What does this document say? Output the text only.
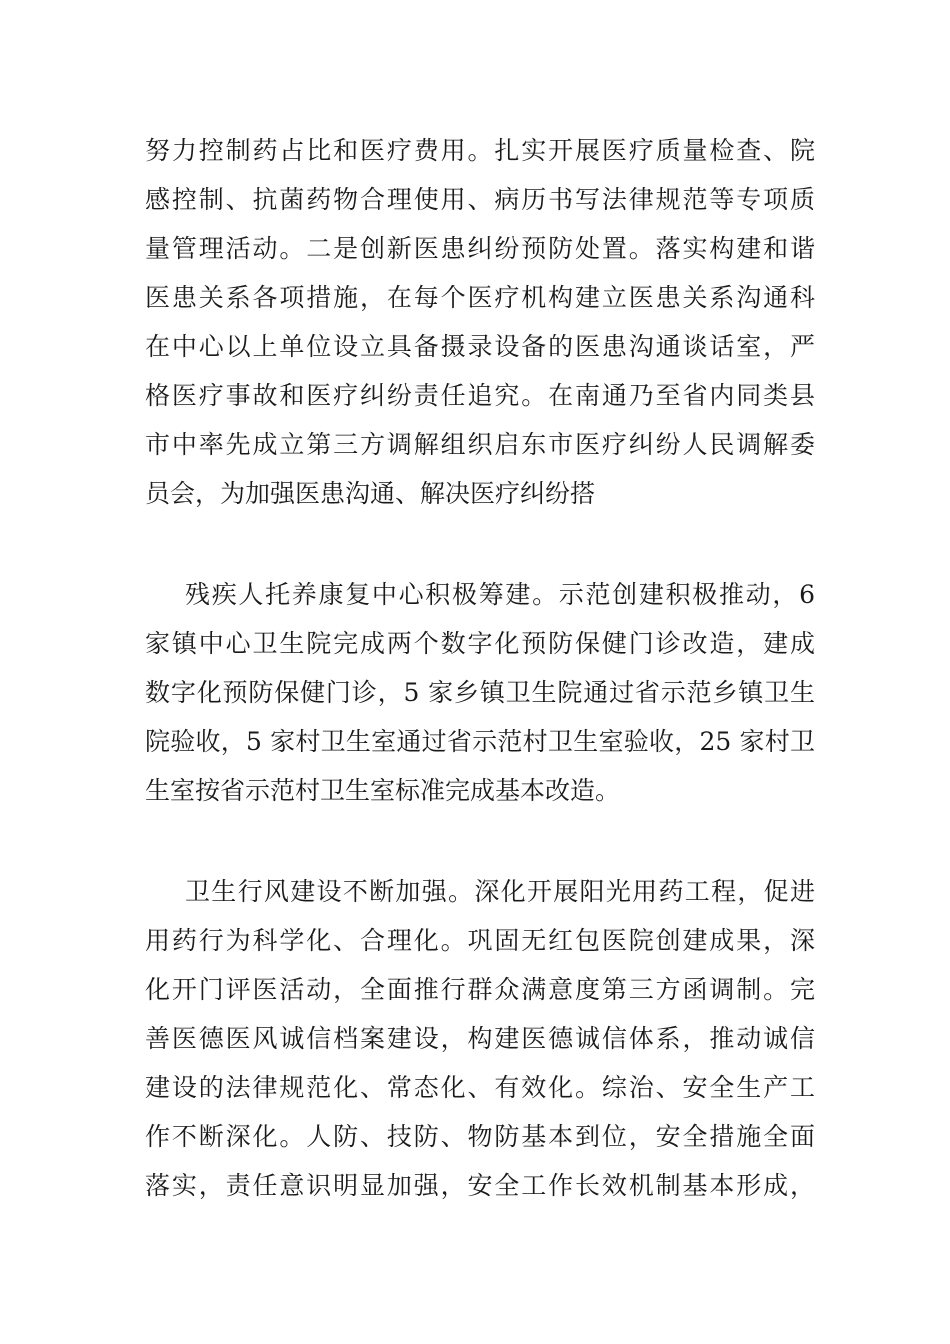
努力控制药占比和医疗费用。扎实开展医疗质量检查、院
感控制、抗菌药物合理使用、病历书写法律规范等专项质
量管理活动。二是创新医患纠纷预防处置。落实构建和谐
医患关系各项措施，在每个医疗机构建立医患关系沟通科
在中心以上单位设立具备摄录设备的医患沟通谈话室，严
格医疗事故和医疗纠纷责任追究。在南通乃至省内同类县
市中率先成立第三方调解组织启东市医疗纠纷人民调解委
员会，为加强医患沟通、解决医疗纠纷搭
残疾人托养康复中心积极筹建。示范创建积极推动，6
家镇中心卫生院完成两个数字化预防保健门诊改造，建成
数字化预防保健门诊，5 家乡镇卫生院通过省示范乡镇卫生
院验收，5 家村卫生室通过省示范村卫生室验收，25 家村卫
生室按省示范村卫生室标准完成基本改造。
卫生行风建设不断加强。深化开展阳光用药工程，促进
用药行为科学化、合理化。巩固无红包医院创建成果，深
化开门评医活动，全面推行群众满意度第三方函调制。完
善医德医风诚信档案建设，构建医德诚信体系，推动诚信
建设的法律规范化、常态化、有效化。综治、安全生产工
作不断深化。人防、技防、物防基本到位，安全措施全面
落实，责任意识明显加强，安全工作长效机制基本形成，
